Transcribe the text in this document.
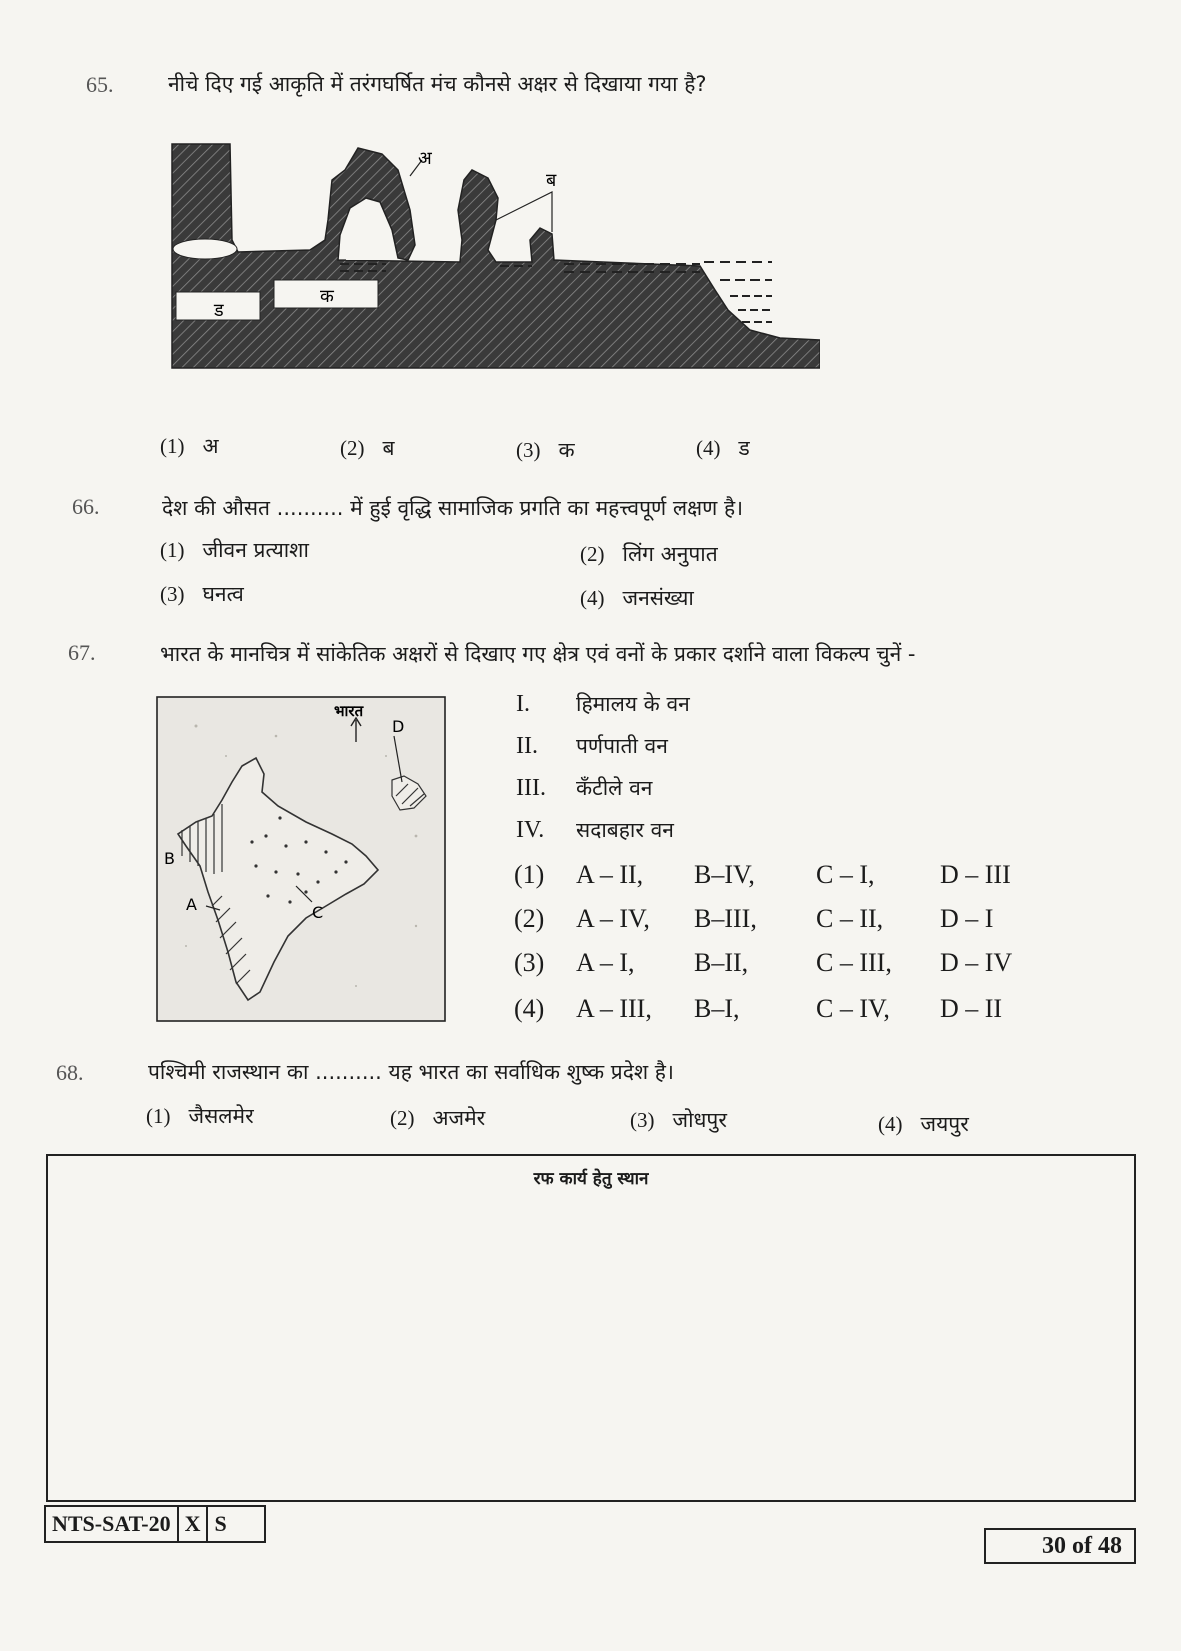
65.	नीचे दिए गई आकृति में तरंगघर्षित मंच कौनसे अक्षर से दिखाया गया है?
अ
ब
क
ड
(1) अ	(2) ब	(3) क	(4) ड
66.	देश की औसत .......... में हुई वृद्धि सामाजिक प्रगति का महत्त्वपूर्ण लक्षण है।
(1) जीवन प्रत्याशा	(2) लिंग अनुपात
(3) घनत्व	(4) जनसंख्या
67.	भारत के मानचित्र में सांकेतिक अक्षरों से दिखाए गए क्षेत्र एवं वनों के प्रकार दर्शाने वाला विकल्प चुनें -
भारत
A
B
C
D
I. हिमालय के वन
II. पर्णपाती वन
III. कँटीले वन
IV. सदाबहार वन
(1) A – II, B–IV, C – I,	D – III
(2) A – IV, B–III, C – II, D – I
(3) A – I, B–II,	C – III, D – IV
(4) A – III, B–I,	C – IV, D – II
68.	पश्चिमी राजस्थान का .......... यह भारत का सर्वाधिक शुष्क प्रदेश है।
(1) जैसलमेर	(2) अजमेर	(3) जोधपुर	(4) जयपुर
रफ कार्य हेतु स्थान
NTS-SAT-20 X S
30 of 48
